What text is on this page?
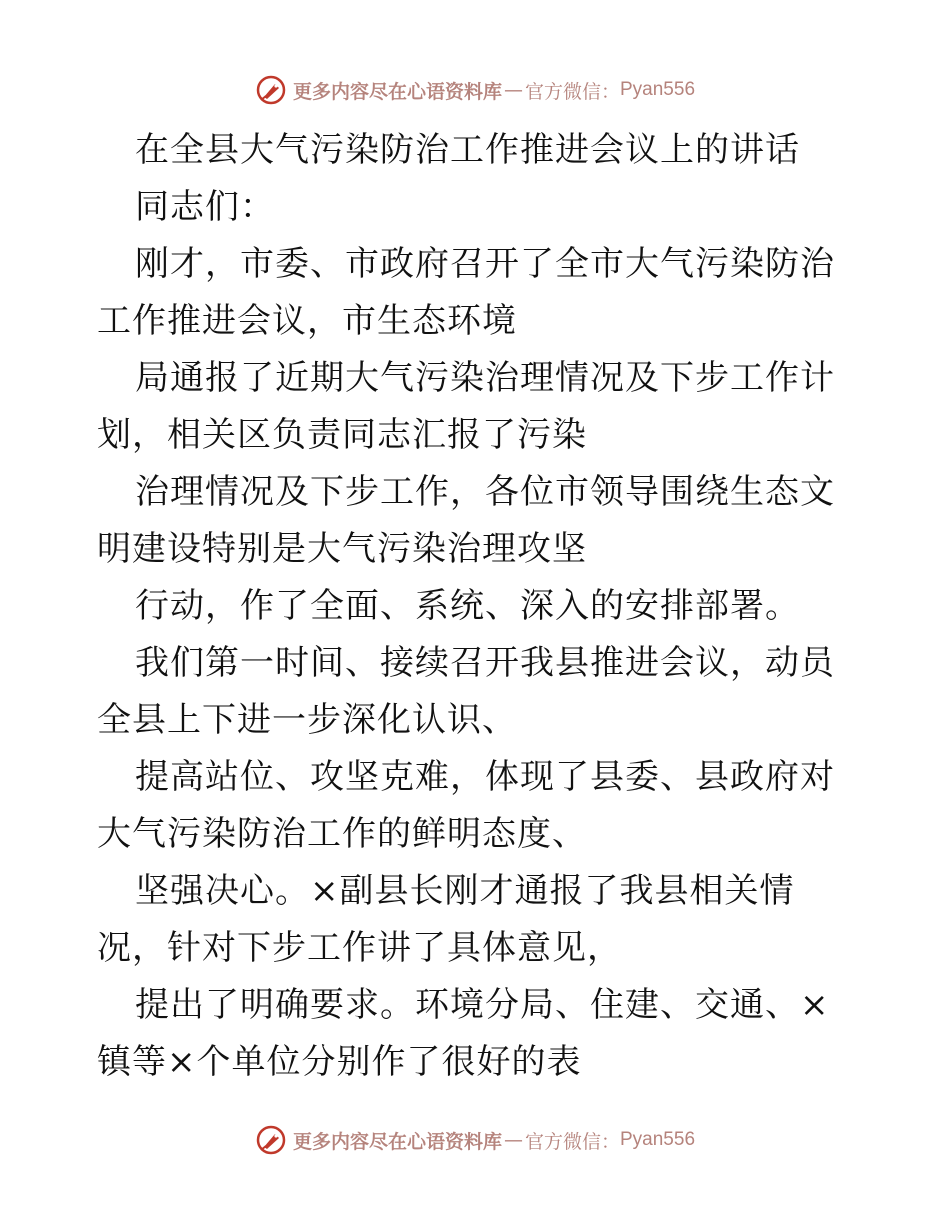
更多内容尽在心语资料库 — 官方微信： Pyan556

在全县大气污染防治工作推进会议上的讲话

同志们：

刚才，市委、市政府召开了全市大气污染防治工作推进会议，市生态环境

局通报了近期大气污染治理情况及下步工作计划，相关区负责同志汇报了污染

治理情况及下步工作，各位市领导围绕生态文明建设特别是大气污染治理攻坚

行动，作了全面、系统、深入的安排部署。

我们第一时间、接续召开我县推进会议，动员全县上下进一步深化认识、

提高站位、攻坚克难，体现了县委、县政府对大气污染防治工作的鲜明态度、

坚强决心。×副县长刚才通报了我县相关情况，针对下步工作讲了具体意见，

提出了明确要求。环境分局、住建、交通、×镇等×个单位分别作了很好的表

更多内容尽在心语资料库 — 官方微信： Pyan556
